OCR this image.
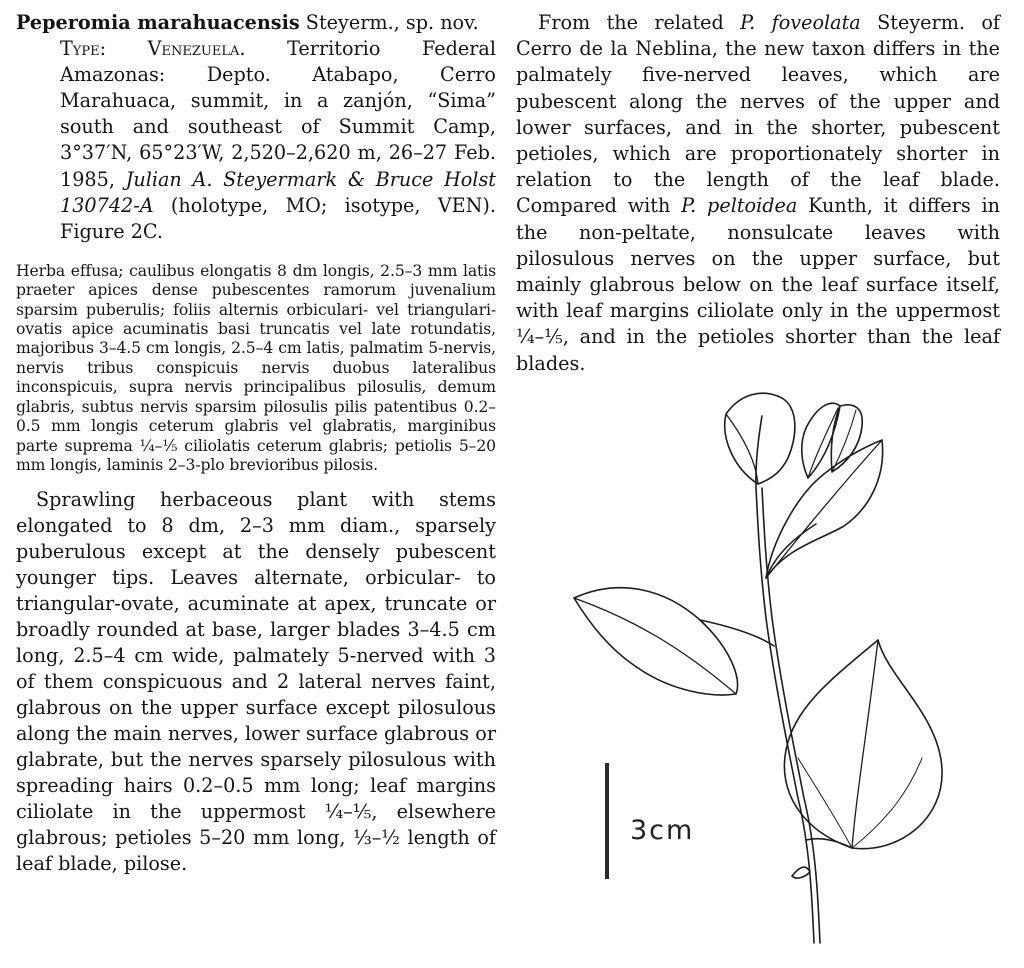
Peperomia marahuacensis Steyerm., sp. nov.
Type: Venezuela. Territorio Federal Amazonas: Depto. Atabapo, Cerro Marahuaca, summit, in a zanjón, “Sima” south and southeast of Summit Camp, 3°37′N, 65°23′W, 2,520–2,620 m, 26–27 Feb. 1985, Julian A. Steyermark & Bruce Holst 130742-A (holotype, MO; isotype, VEN). Figure 2C.

Herba effusa; caulibus elongatis 8 dm longis, 2.5–3 mm latis praeter apices dense pubescentes ramorum juvenalium sparsim puberulis; foliis alternis orbiculari- vel triangulari-ovatis apice acuminatis basi truncatis vel late rotundatis, majoribus 3–4.5 cm longis, 2.5–4 cm latis, palmatim 5-nervis, nervis tribus conspicuis nervis duobus lateralibus inconspicuis, supra nervis principalibus pilosulis, demum glabris, subtus nervis sparsim pilosulis pilis patentibus 0.2–0.5 mm longis ceterum glabris vel glabratis, marginibus parte suprema ¼–⅕ ciliolatis ceterum glabris; petiolis 5–20 mm longis, laminis 2–3-plo brevioribus pilosis.

Sprawling herbaceous plant with stems elongated to 8 dm, 2–3 mm diam., sparsely puberulous except at the densely pubescent younger tips. Leaves alternate, orbicular- to triangular-ovate, acuminate at apex, truncate or broadly rounded at base, larger blades 3–4.5 cm long, 2.5–4 cm wide, palmately 5-nerved with 3 of them conspicuous and 2 lateral nerves faint, glabrous on the upper surface except pilosulous along the main nerves, lower surface glabrous or glabrate, but the nerves sparsely pilosulous with spreading hairs 0.2–0.5 mm long; leaf margins ciliolate in the uppermost ¼–⅕, elsewhere glabrous; petioles 5–20 mm long, ⅓–½ length of leaf blade, pilose.

From the related P. foveolata Steyerm. of Cerro de la Neblina, the new taxon differs in the palmately five-nerved leaves, which are pubescent along the nerves of the upper and lower surfaces, and in the shorter, pubescent petioles, which are proportionately shorter in relation to the length of the leaf blade. Compared with P. peltoidea Kunth, it differs in the non-peltate, nonsulcate leaves with pilosulous nerves on the upper surface, but mainly glabrous below on the leaf surface itself, with leaf margins ciliolate only in the uppermost ¼–⅕, and in the petioles shorter than the leaf blades.

3cm
